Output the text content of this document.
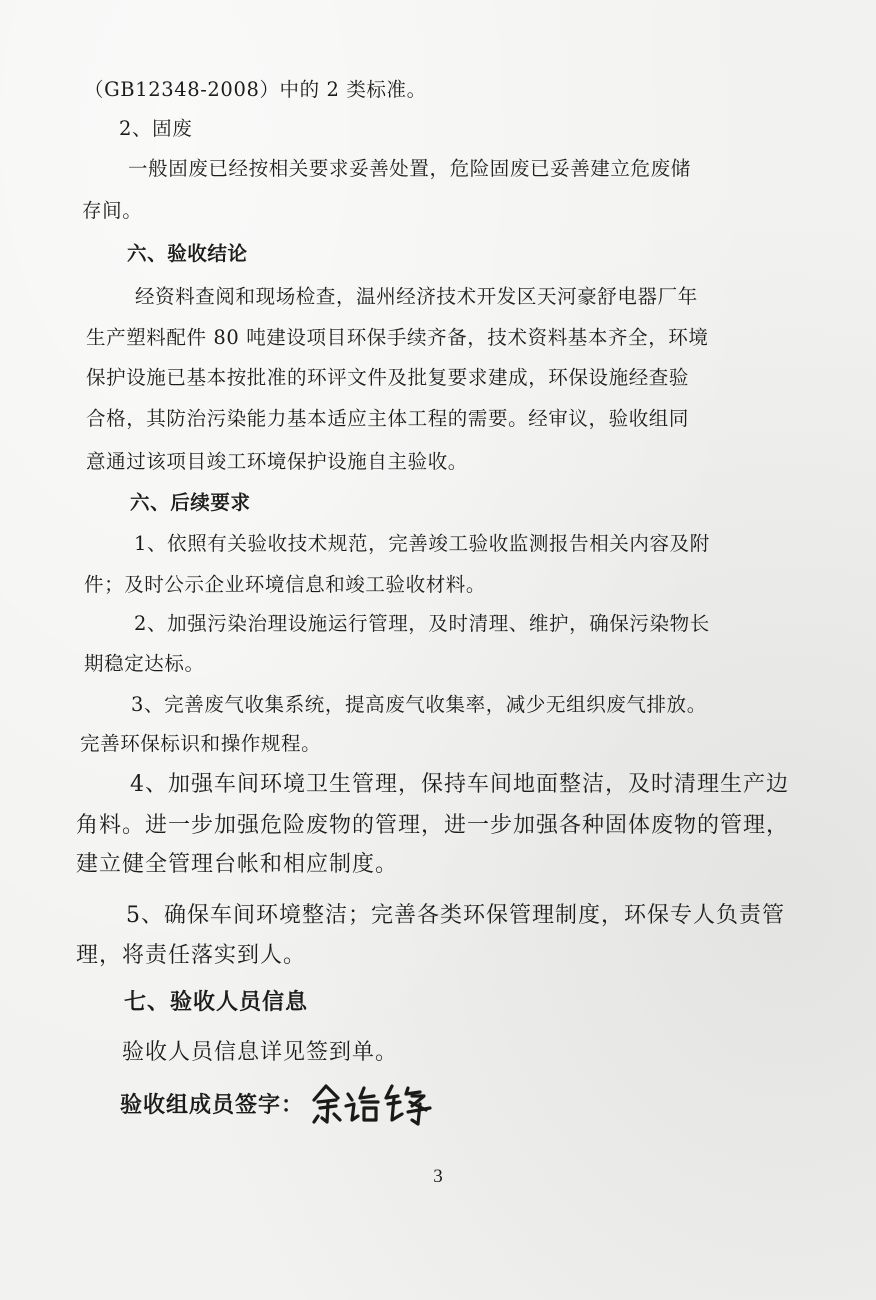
（GB12348-2008）中的 2 类标准。
2、固废
一般固废已经按相关要求妥善处置，危险固废已妥善建立危废储
存间。
六、验收结论
经资料查阅和现场检查，温州经济技术开发区天河豪舒电器厂年
生产塑料配件 80 吨建设项目环保手续齐备，技术资料基本齐全，环境
保护设施已基本按批准的环评文件及批复要求建成，环保设施经查验
合格，其防治污染能力基本适应主体工程的需要。经审议，验收组同
意通过该项目竣工环境保护设施自主验收。
六、后续要求
1、依照有关验收技术规范，完善竣工验收监测报告相关内容及附
件；及时公示企业环境信息和竣工验收材料。
2、加强污染治理设施运行管理，及时清理、维护，确保污染物长
期稳定达标。
3、完善废气收集系统，提高废气收集率，减少无组织废气排放。
完善环保标识和操作规程。
4、加强车间环境卫生管理，保持车间地面整洁，及时清理生产边
角料。进一步加强危险废物的管理，进一步加强各种固体废物的管理，
建立健全管理台帐和相应制度。
5、确保车间环境整洁；完善各类环保管理制度，环保专人负责管
理，将责任落实到人。
七、验收人员信息
验收人员信息详见签到单。
验收组成员签字：
3
